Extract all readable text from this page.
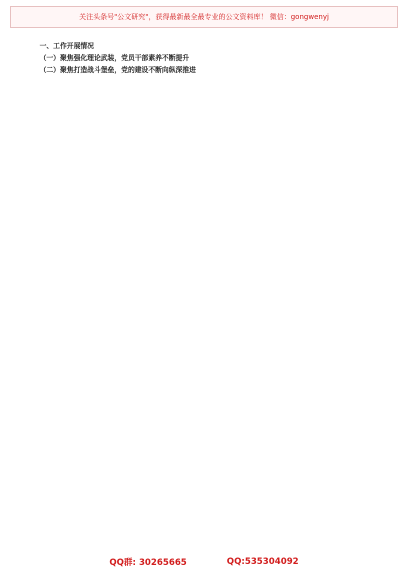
关注头条号"公文研究"，获得最新最全最专业的公文资料库！ 微信：gongwenyj

一、工作开展情况

（一）聚焦强化理论武装，党员干部素养不断提升

（二）聚焦打造战斗堡垒，党的建设不断向纵深推进

QQ群: 30265665	QQ:535304092
